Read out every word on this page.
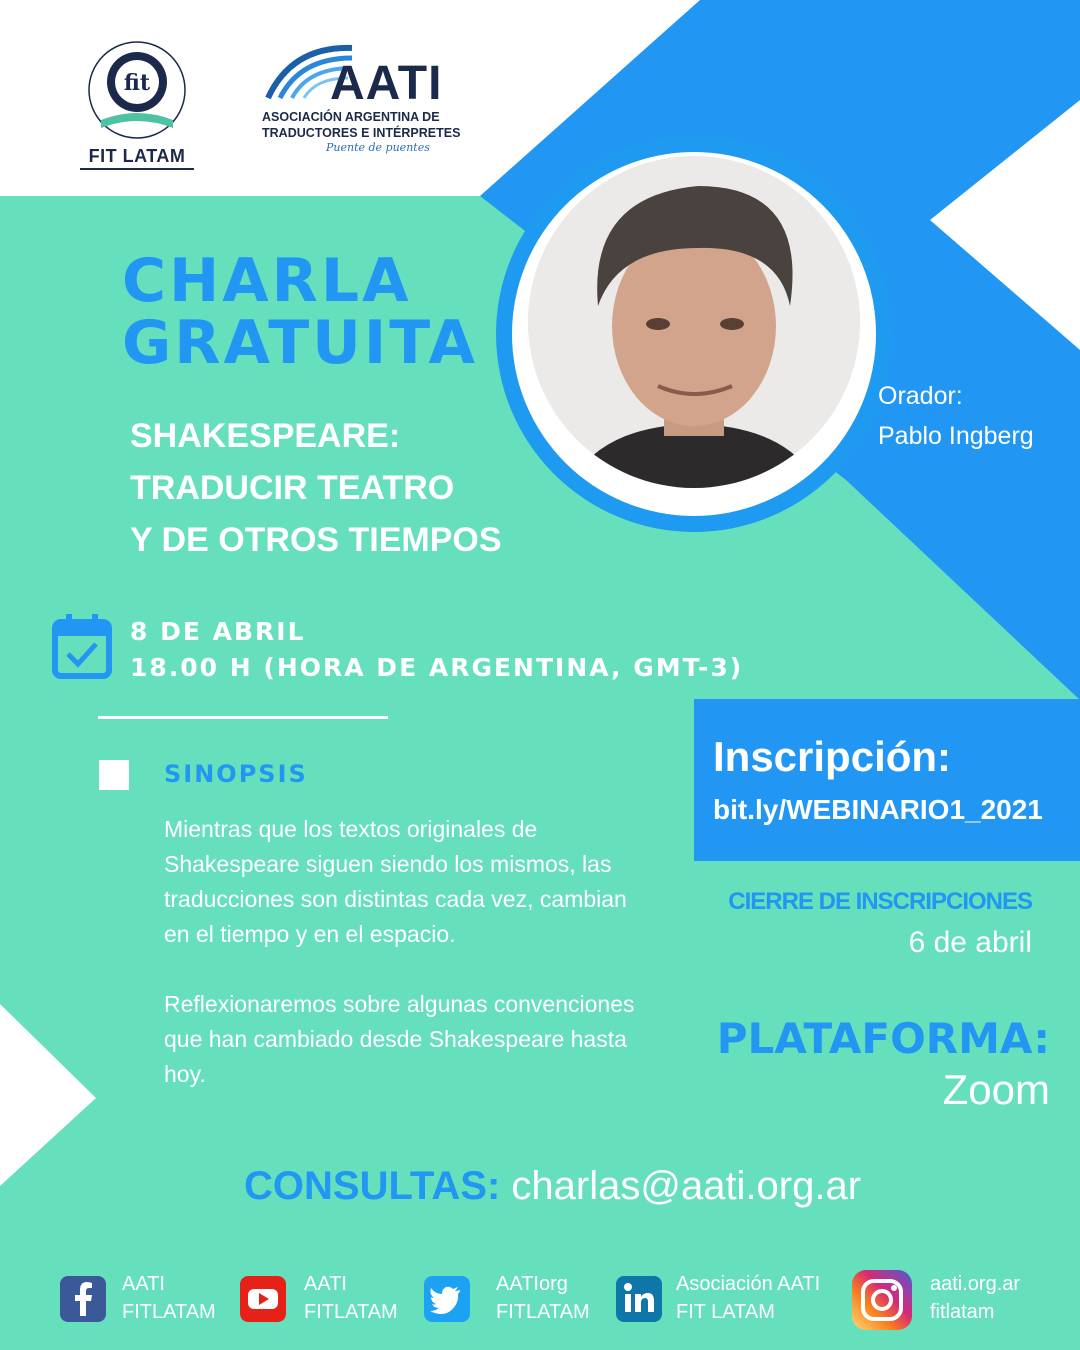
fit
FIT LATAM
AATI
ASOCIACIÓN ARGENTINA DE
TRADUCTORES E INTÉRPRETES
Puente de puentes
CHARLA
GRATUITA
SHAKESPEARE:
TRADUCIR TEATRO
Y DE OTROS TIEMPOS
Orador:
Pablo Ingberg
8 DE ABRIL
18.00 H (HORA DE ARGENTINA, GMT-3)
SINOPSIS

Mientras que los textos originales de Shakespeare siguen siendo los mismos, las traducciones son distintas cada vez, cambian en el tiempo y en el espacio.

Reflexionaremos sobre algunas convenciones que han cambiado desde Shakespeare hasta hoy.

Inscripción:
bit.ly/WEBINARIO1_2021
CIERRE DE INSCRIPCIONES
6 de abril
PLATAFORMA:
Zoom
CONSULTAS: charlas@aati.org.ar
AATI
FITLATAM
AATI
FITLATAM
AATIorg
FITLATAM
Asociación AATI
FIT LATAM
aati.org.ar
fitlatam
